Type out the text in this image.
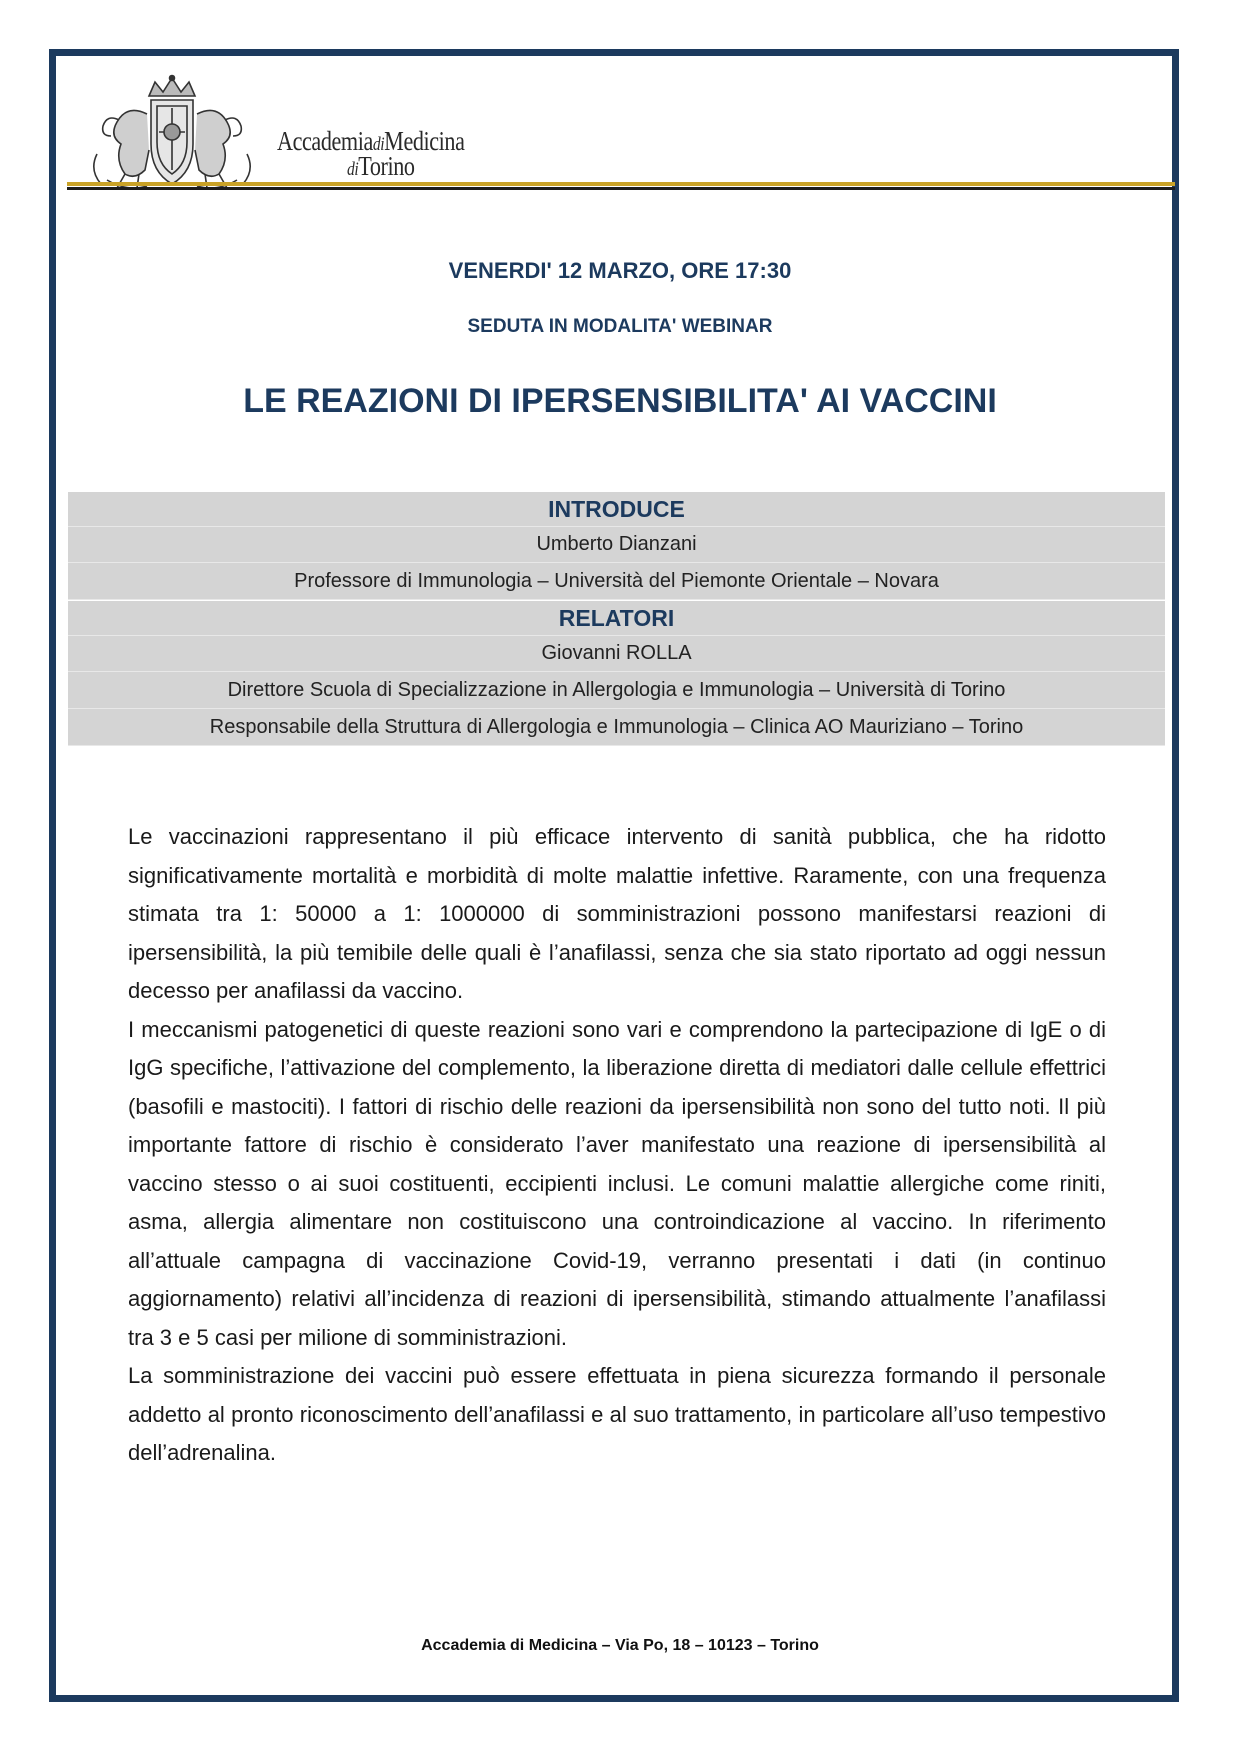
AccademiadiMedicina
diTorino
VENERDI' 12 MARZO, ORE 17:30
SEDUTA IN MODALITA' WEBINAR
LE REAZIONI DI IPERSENSIBILITA' AI VACCINI
INTRODUCE
Umberto Dianzani
Professore di Immunologia – Università del Piemonte Orientale – Novara
RELATORI
Giovanni ROLLA
Direttore Scuola di Specializzazione in Allergologia e Immunologia – Università di Torino
Responsabile della Struttura di Allergologia e Immunologia – Clinica AO Mauriziano – Torino

Le vaccinazioni rappresentano il più efficace intervento di sanità pubblica, che ha ridotto significativamente mortalità e morbidità di molte malattie infettive. Raramente, con una frequenza stimata tra 1: 50000 a 1: 1000000 di somministrazioni possono manifestarsi reazioni di ipersensibilità, la più temibile delle quali è l’anafilassi, senza che sia stato riportato ad oggi nessun decesso per anafilassi da vaccino.

I meccanismi patogenetici di queste reazioni sono vari e comprendono la partecipazione di IgE o di IgG specifiche, l’attivazione del complemento, la liberazione diretta di mediatori dalle cellule effettrici (basofili e mastociti). I fattori di rischio delle reazioni da ipersensibilità non sono del tutto noti. Il più importante fattore di rischio è considerato l’aver manifestato una reazione di ipersensibilità al vaccino stesso o ai suoi costituenti, eccipienti inclusi. Le comuni malattie allergiche come riniti, asma, allergia alimentare non costituiscono una controindicazione al vaccino. In riferimento all’attuale campagna di vaccinazione Covid-19, verranno presentati i dati (in continuo aggiornamento) relativi all’incidenza di reazioni di ipersensibilità, stimando attualmente l’anafilassi tra 3 e 5 casi per milione di somministrazioni.

La somministrazione dei vaccini può essere effettuata in piena sicurezza formando il personale addetto al pronto riconoscimento dell’anafilassi e al suo trattamento, in particolare all’uso tempestivo dell’adrenalina.

Accademia di Medicina – Via Po, 18 – 10123 – Torino
